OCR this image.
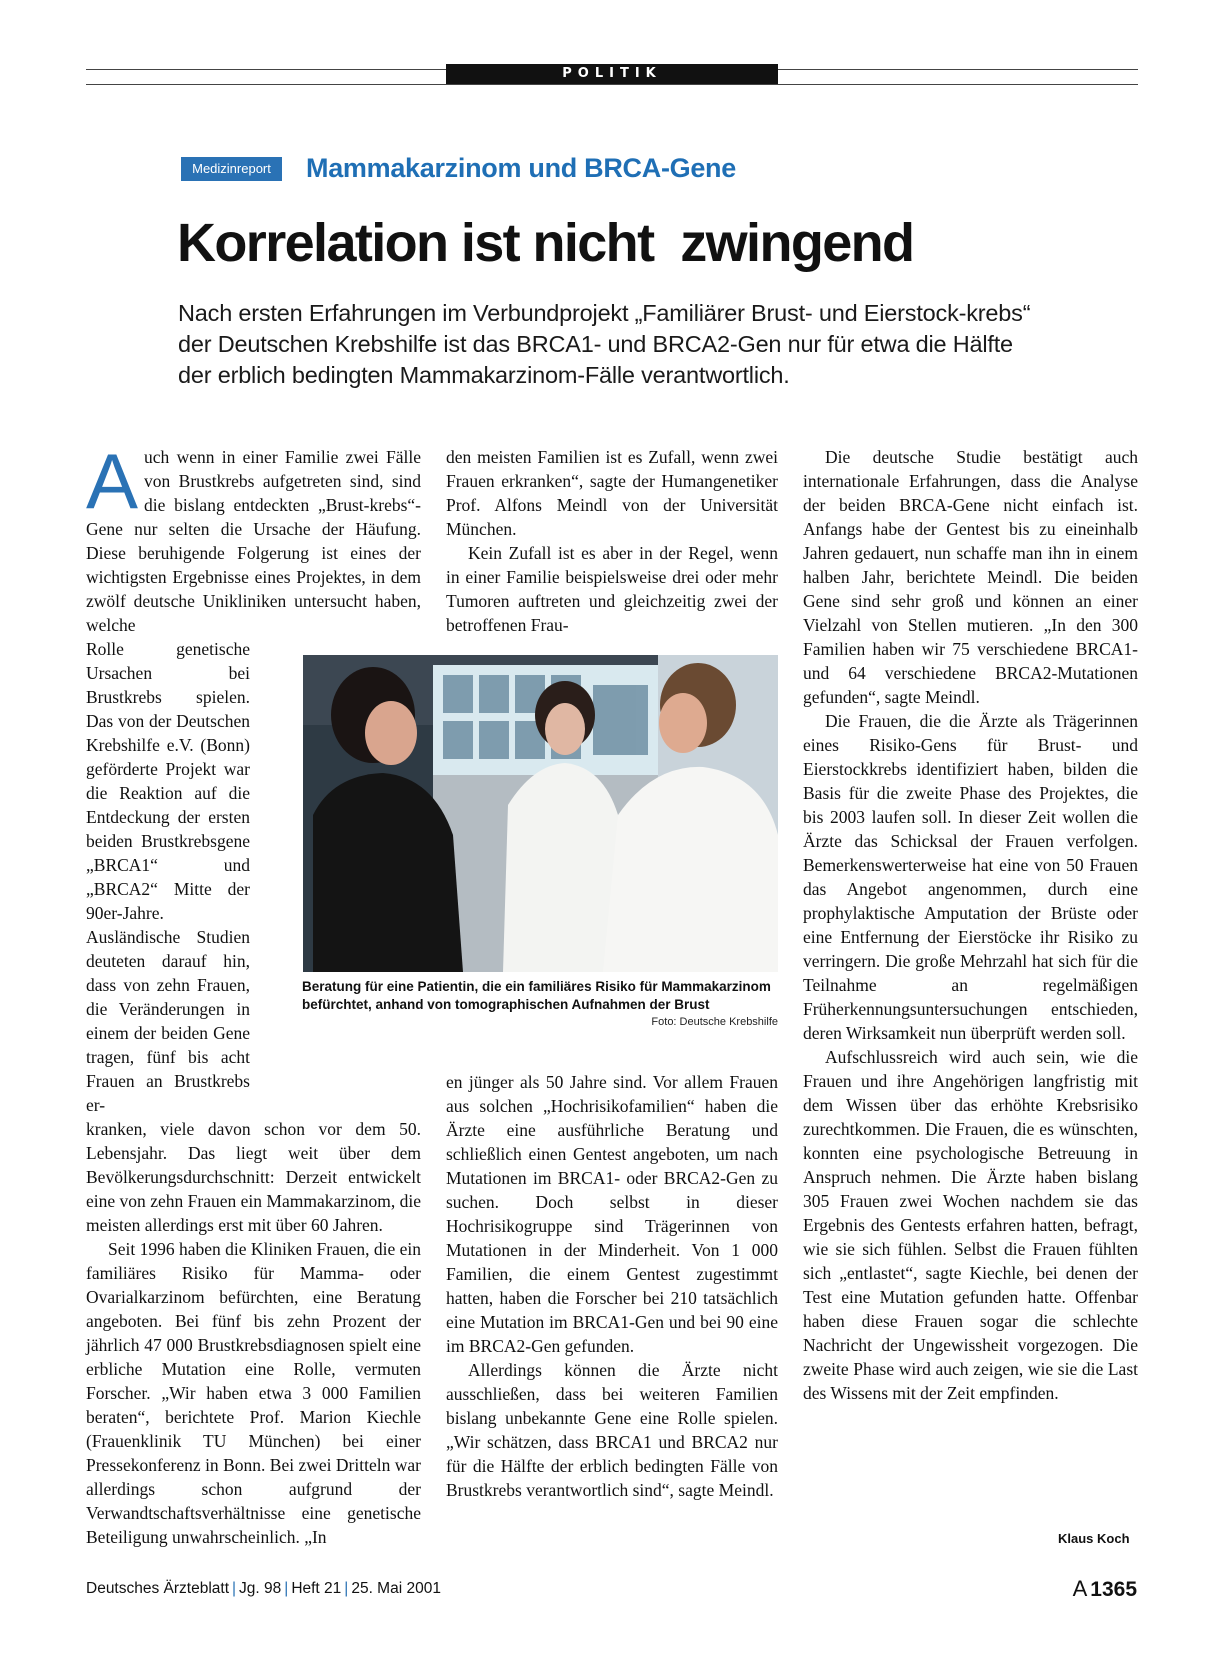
POLITIK
Medizinreport	Mammakarzinom und BRCA-Gene
Korrelation ist nicht  zwingend
Nach ersten Erfahrungen im Verbundprojekt „Familiärer Brust- und Eierstock-krebs“ der Deutschen Krebshilfe ist das BRCA1- und BRCA2-Gen nur für etwa die Hälfte der erblich bedingten Mammakarzinom-Fälle verantwortlich.

A uch wenn in einer Familie zwei Fälle von Brustkrebs aufgetreten sind, sind die bislang entdeckten „Brust-krebs“-Gene nur selten die Ursache der Häufung. Diese beruhigende Folgerung ist eines der wichtigsten Ergebnisse eines Projektes, in dem zwölf deutsche Unikliniken untersucht haben, welche

Rolle genetische Ursachen bei Brustkrebs spielen. Das von der Deutschen Krebshilfe e.V. (Bonn) geförderte Projekt war die Reaktion auf die Entdeckung der ersten beiden Brustkrebsgene „BRCA1“ und „BRCA2“ Mitte der 90er-Jahre. Ausländische Studien deuteten darauf hin, dass von zehn Frauen, die Veränderungen in einem der beiden Gene tragen, fünf bis acht Frauen an Brustkrebs er-

kranken, viele davon schon vor dem 50. Lebensjahr. Das liegt weit über dem Bevölkerungsdurchschnitt: Derzeit entwickelt eine von zehn Frauen ein Mammakarzinom, die meisten allerdings erst mit über 60 Jahren.

Seit 1996 haben die Kliniken Frauen, die ein familiäres Risiko für Mamma- oder Ovarialkarzinom befürchten, eine Beratung angeboten. Bei fünf bis zehn Prozent der jährlich 47 000 Brustkrebsdiagnosen spielt eine erbliche Mutation eine Rolle, vermuten Forscher. „Wir haben etwa 3 000 Familien beraten“, berichtete Prof. Marion Kiechle (Frauenklinik TU München) bei einer Pressekonferenz in Bonn. Bei zwei Dritteln war allerdings schon aufgrund der Verwandtschaftsverhältnisse eine genetische Beteiligung unwahrscheinlich. „In

den meisten Familien ist es Zufall, wenn zwei Frauen erkranken“, sagte der Humangenetiker Prof. Alfons Meindl von der Universität München.

Kein Zufall ist es aber in der Regel, wenn in einer Familie beispielsweise drei oder mehr Tumoren auftreten und gleichzeitig zwei der betroffenen Frau-

Beratung für eine Patientin, die ein familiäres Risiko für Mammakarzinom befürchtet, anhand von tomographischen Aufnahmen der Brust
Foto: Deutsche Krebshilfe

en jünger als 50 Jahre sind. Vor allem Frauen aus solchen „Hochrisikofamilien“ haben die Ärzte eine ausführliche Beratung und schließlich einen Gentest angeboten, um nach Mutationen im BRCA1- oder BRCA2-Gen zu suchen. Doch selbst in dieser Hochrisikogruppe sind Trägerinnen von Mutationen in der Minderheit. Von 1 000 Familien, die einem Gentest zugestimmt hatten, haben die Forscher bei 210 tatsächlich eine Mutation im BRCA1-Gen und bei 90 eine im BRCA2-Gen gefunden.

Allerdings können die Ärzte nicht ausschließen, dass bei weiteren Familien bislang unbekannte Gene eine Rolle spielen. „Wir schätzen, dass BRCA1 und BRCA2 nur für die Hälfte der erblich bedingten Fälle von Brustkrebs verantwortlich sind“, sagte Meindl.

Die deutsche Studie bestätigt auch internationale Erfahrungen, dass die Analyse der beiden BRCA-Gene nicht einfach ist. Anfangs habe der Gentest bis zu eineinhalb Jahren gedauert, nun schaffe man ihn in einem halben Jahr, berichtete Meindl. Die beiden Gene sind sehr groß und können an einer Vielzahl von Stellen mutieren. „In den 300 Familien haben wir 75 verschiedene BRCA1- und 64 verschiedene BRCA2-Mutationen gefunden“, sagte Meindl.

Die Frauen, die die Ärzte als Trägerinnen eines Risiko-Gens für Brust- und Eierstockkrebs identifiziert haben, bilden die Basis für die zweite Phase des Projektes, die bis 2003 laufen soll. In dieser Zeit wollen die Ärzte das Schicksal der Frauen verfolgen. Bemerkenswerterweise hat eine von 50 Frauen das Angebot angenommen, durch eine prophylaktische Amputation der Brüste oder eine Entfernung der Eierstöcke ihr Risiko zu verringern. Die große Mehrzahl hat sich für die Teilnahme an regelmäßigen Früherkennungsuntersuchungen entschieden, deren Wirksamkeit nun überprüft werden soll.

Aufschlussreich wird auch sein, wie die Frauen und ihre Angehörigen langfristig mit dem Wissen über das erhöhte Krebsrisiko zurechtkommen. Die Frauen, die es wünschten, konnten eine psychologische Betreuung in Anspruch nehmen. Die Ärzte haben bislang 305 Frauen zwei Wochen nachdem sie das Ergebnis des Gentests erfahren hatten, befragt, wie sie sich fühlen. Selbst die Frauen fühlten sich „entlastet“, sagte Kiechle, bei denen der Test eine Mutation gefunden hatte. Offenbar haben diese Frauen sogar die schlechte Nachricht der Ungewissheit vorgezogen. Die zweite Phase wird auch zeigen, wie sie die Last des Wissens mit der Zeit empfinden.

Klaus Koch
Deutsches Ärzteblatt | Jg. 98 | Heft 21 | 25. Mai 2001	A 1365
